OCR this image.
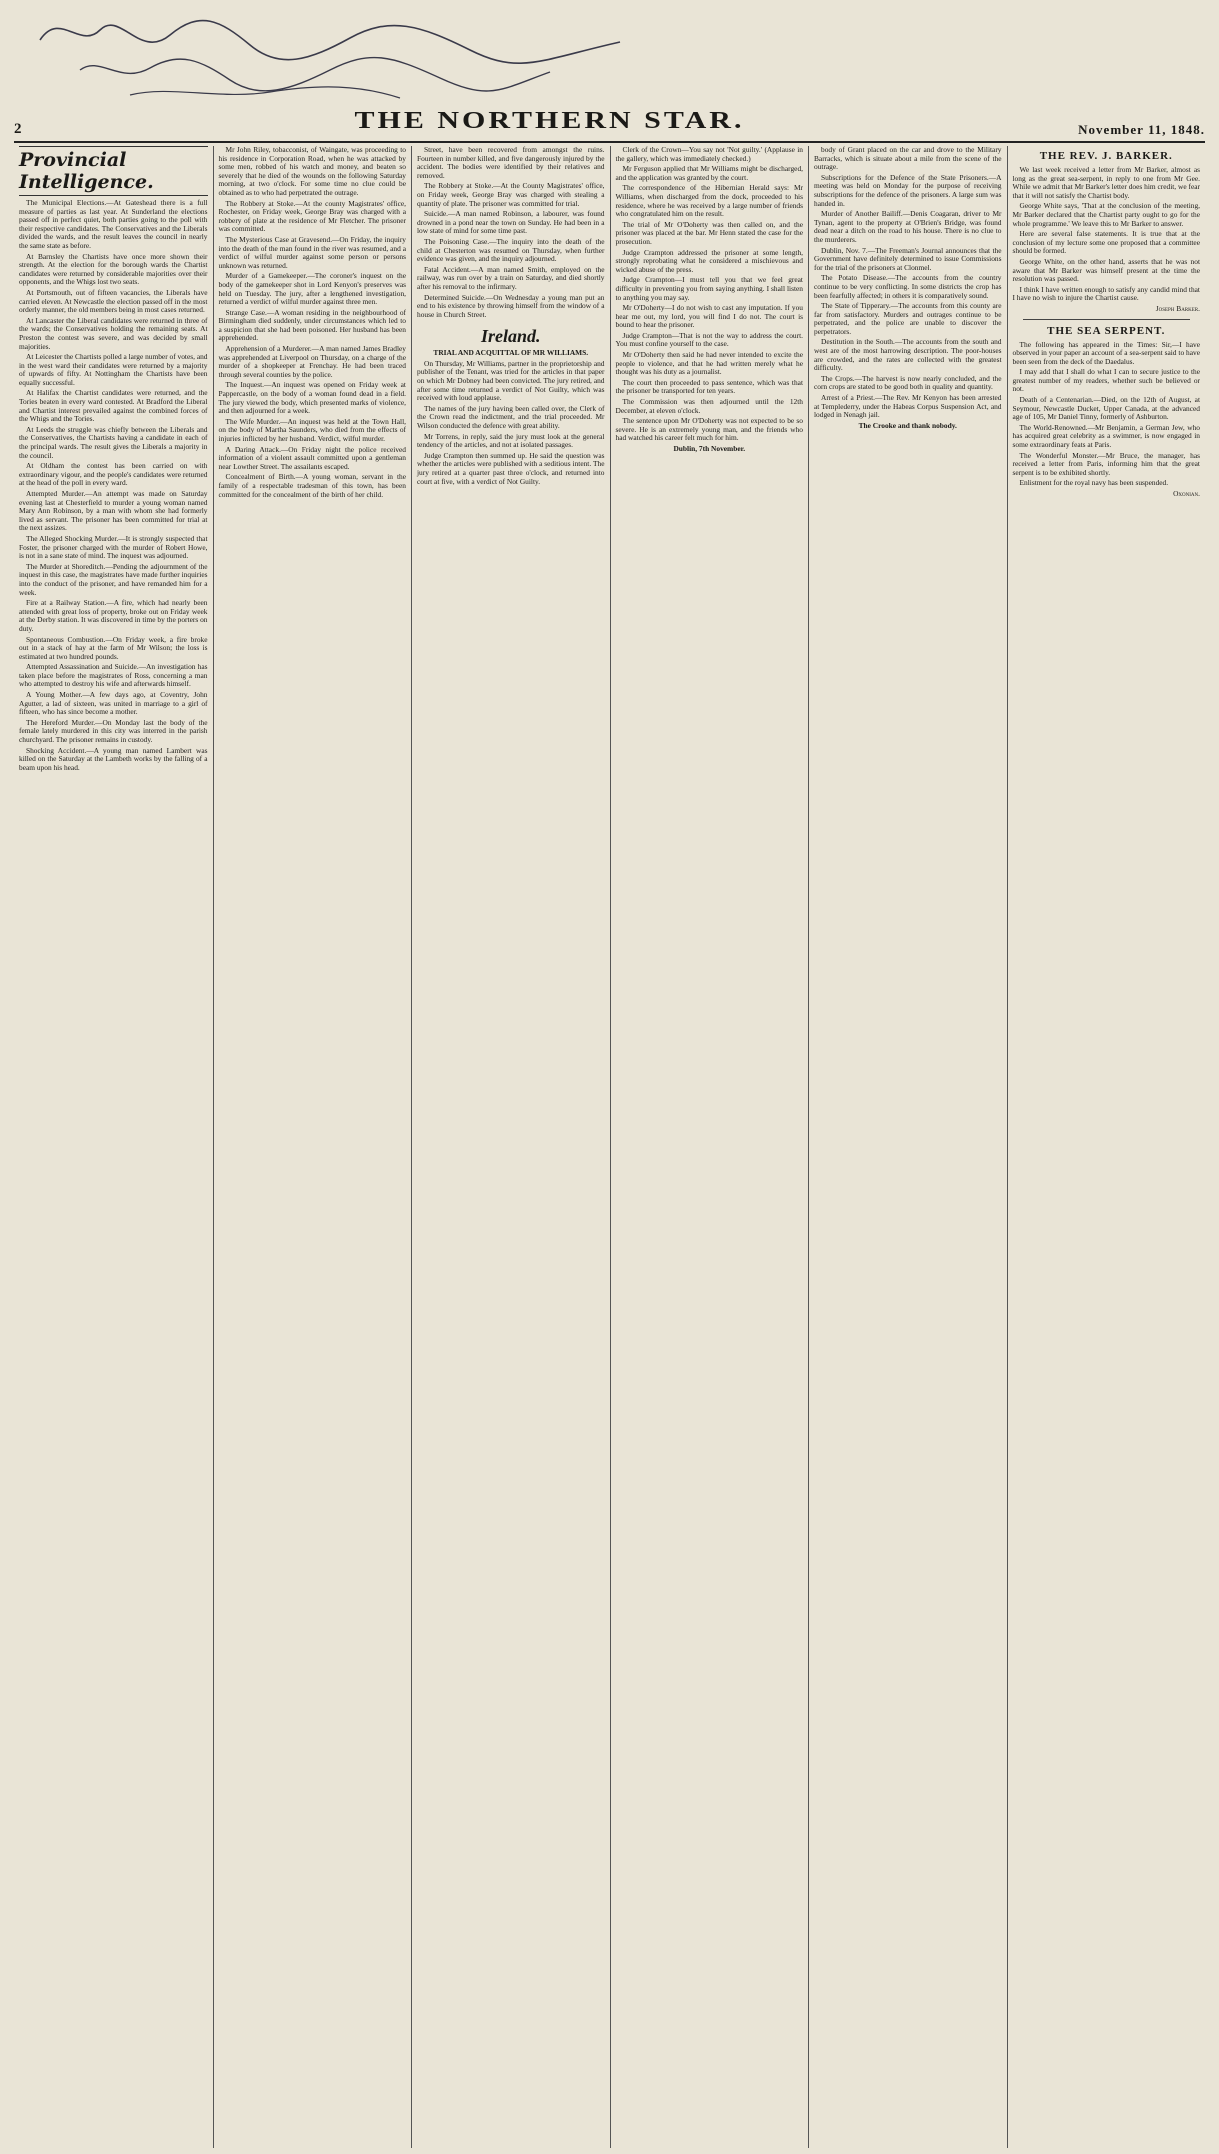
2	THE NORTHERN STAR.	November 11, 1848.
Provincial Intelligence.

The Municipal Elections.—At Gateshead there is a full measure of parties as last year. At Sunderland the elections passed off in perfect quiet, both parties going to the poll with their respective candidates. The Conservatives and the Liberals divided the wards, and the result leaves the council in nearly the same state as before.

At Barnsley the Chartists have once more shown their strength. At the election for the borough wards the Chartist candidates were returned by considerable majorities over their opponents, and the Whigs lost two seats.

At Portsmouth, out of fifteen vacancies, the Liberals have carried eleven. At Newcastle the election passed off in the most orderly manner, the old members being in most cases returned.

At Lancaster the Liberal candidates were returned in three of the wards; the Conservatives holding the remaining seats. At Preston the contest was severe, and was decided by small majorities.

At Leicester the Chartists polled a large number of votes, and in the west ward their candidates were returned by a majority of upwards of fifty. At Nottingham the Chartists have been equally successful.

At Halifax the Chartist candidates were returned, and the Tories beaten in every ward contested. At Bradford the Liberal and Chartist interest prevailed against the combined forces of the Whigs and the Tories.

At Leeds the struggle was chiefly between the Liberals and the Conservatives, the Chartists having a candidate in each of the principal wards. The result gives the Liberals a majority in the council.

At Oldham the contest has been carried on with extraordinary vigour, and the people's candidates were returned at the head of the poll in every ward.

Attempted Murder.—An attempt was made on Saturday evening last at Chesterfield to murder a young woman named Mary Ann Robinson, by a man with whom she had formerly lived as servant. The prisoner has been committed for trial at the next assizes.

The Alleged Shocking Murder.—It is strongly suspected that Foster, the prisoner charged with the murder of Robert Howe, is not in a sane state of mind. The inquest was adjourned.

The Murder at Shoreditch.—Pending the adjournment of the inquest in this case, the magistrates have made further inquiries into the conduct of the prisoner, and have remanded him for a week.

Fire at a Railway Station.—A fire, which had nearly been attended with great loss of property, broke out on Friday week at the Derby station. It was discovered in time by the porters on duty.

Spontaneous Combustion.—On Friday week, a fire broke out in a stack of hay at the farm of Mr Wilson; the loss is estimated at two hundred pounds.

Attempted Assassination and Suicide.—An investigation has taken place before the magistrates of Ross, concerning a man who attempted to destroy his wife and afterwards himself.

A Young Mother.—A few days ago, at Coventry, John Agutter, a lad of sixteen, was united in marriage to a girl of fifteen, who has since become a mother.

The Hereford Murder.—On Monday last the body of the female lately murdered in this city was interred in the parish churchyard. The prisoner remains in custody.

Shocking Accident.—A young man named Lambert was killed on the Saturday at the Lambeth works by the falling of a beam upon his head.

Mr John Riley, tobacconist, of Waingate, was proceeding to his residence in Corporation Road, when he was attacked by some men, robbed of his watch and money, and beaten so severely that he died of the wounds on the following Saturday morning, at two o'clock. For some time no clue could be obtained as to who had perpetrated the outrage.

The Robbery at Stoke.—At the county Magistrates' office, Rochester, on Friday week, George Bray was charged with a robbery of plate at the residence of Mr Fletcher. The prisoner was committed.

The Mysterious Case at Gravesend.—On Friday, the inquiry into the death of the man found in the river was resumed, and a verdict of wilful murder against some person or persons unknown was returned.

Murder of a Gamekeeper.—The coroner's inquest on the body of the gamekeeper shot in Lord Kenyon's preserves was held on Tuesday. The jury, after a lengthened investigation, returned a verdict of wilful murder against three men.

Strange Case.—A woman residing in the neighbourhood of Birmingham died suddenly, under circumstances which led to a suspicion that she had been poisoned. Her husband has been apprehended.

Apprehension of a Murderer.—A man named James Bradley was apprehended at Liverpool on Thursday, on a charge of the murder of a shopkeeper at Frenchay. He had been traced through several counties by the police.

The Inquest.—An inquest was opened on Friday week at Pappercastle, on the body of a woman found dead in a field. The jury viewed the body, which presented marks of violence, and then adjourned for a week.

The Wife Murder.—An inquest was held at the Town Hall, on the body of Martha Saunders, who died from the effects of injuries inflicted by her husband. Verdict, wilful murder.

A Daring Attack.—On Friday night the police received information of a violent assault committed upon a gentleman near Lowther Street. The assailants escaped.

Concealment of Birth.—A young woman, servant in the family of a respectable tradesman of this town, has been committed for the concealment of the birth of her child.

Street, have been recovered from amongst the ruins. Fourteen in number killed, and five dangerously injured by the accident. The bodies were identified by their relatives and removed.

The Robbery at Stoke.—At the County Magistrates' office, on Friday week, George Bray was charged with stealing a quantity of plate. The prisoner was committed for trial.

Suicide.—A man named Robinson, a labourer, was found drowned in a pond near the town on Sunday. He had been in a low state of mind for some time past.

The Poisoning Case.—The inquiry into the death of the child at Chesterton was resumed on Thursday, when further evidence was given, and the inquiry adjourned.

Fatal Accident.—A man named Smith, employed on the railway, was run over by a train on Saturday, and died shortly after his removal to the infirmary.

Determined Suicide.—On Wednesday a young man put an end to his existence by throwing himself from the window of a house in Church Street.

Ireland.
TRIAL AND ACQUITTAL OF MR WILLIAMS.

On Thursday, Mr Williams, partner in the proprietorship and publisher of the Tenant, was tried for the articles in that paper on which Mr Dobney had been convicted. The jury retired, and after some time returned a verdict of Not Guilty, which was received with loud applause.

The names of the jury having been called over, the Clerk of the Crown read the indictment, and the trial proceeded. Mr Wilson conducted the defence with great ability.

Mr Torrens, in reply, said the jury must look at the general tendency of the articles, and not at isolated passages.

Judge Crampton then summed up. He said the question was whether the articles were published with a seditious intent. The jury retired at a quarter past three o'clock, and returned into court at five, with a verdict of Not Guilty.

Clerk of the Crown—You say not 'Not guilty.' (Applause in the gallery, which was immediately checked.)

Mr Ferguson applied that Mr Williams might be discharged, and the application was granted by the court.

The correspondence of the Hibernian Herald says: Mr Williams, when discharged from the dock, proceeded to his residence, where he was received by a large number of friends who congratulated him on the result.

The trial of Mr O'Doherty was then called on, and the prisoner was placed at the bar. Mr Henn stated the case for the prosecution.

Judge Crampton addressed the prisoner at some length, strongly reprobating what he considered a mischievous and wicked abuse of the press.

Judge Crampton—I must tell you that we feel great difficulty in preventing you from saying anything. I shall listen to anything you may say.

Mr O'Doherty—I do not wish to cast any imputation. If you hear me out, my lord, you will find I do not. The court is bound to hear the prisoner.

Judge Crampton—That is not the way to address the court. You must confine yourself to the case.

Mr O'Doherty then said he had never intended to excite the people to violence, and that he had written merely what he thought was his duty as a journalist.

The court then proceeded to pass sentence, which was that the prisoner be transported for ten years.

The Commission was then adjourned until the 12th December, at eleven o'clock.

The sentence upon Mr O'Doherty was not expected to be so severe. He is an extremely young man, and the friends who had watched his career felt much for him.

Dublin, 7th November.

body of Grant placed on the car and drove to the Military Barracks, which is situate about a mile from the scene of the outrage.

Subscriptions for the Defence of the State Prisoners.—A meeting was held on Monday for the purpose of receiving subscriptions for the defence of the prisoners. A large sum was handed in.

Murder of Another Bailiff.—Denis Coagaran, driver to Mr Tynan, agent to the property at O'Brien's Bridge, was found dead near a ditch on the road to his house. There is no clue to the murderers.

Dublin, Nov. 7.—The Freeman's Journal announces that the Government have definitely determined to issue Commissions for the trial of the prisoners at Clonmel.

The Potato Disease.—The accounts from the country continue to be very conflicting. In some districts the crop has been fearfully affected; in others it is comparatively sound.

The State of Tipperary.—The accounts from this county are far from satisfactory. Murders and outrages continue to be perpetrated, and the police are unable to discover the perpetrators.

Destitution in the South.—The accounts from the south and west are of the most harrowing description. The poor-houses are crowded, and the rates are collected with the greatest difficulty.

The Crops.—The harvest is now nearly concluded, and the corn crops are stated to be good both in quality and quantity.

Arrest of a Priest.—The Rev. Mr Kenyon has been arrested at Templederry, under the Habeas Corpus Suspension Act, and lodged in Nenagh jail.

The Crooke and thank nobody.
THE REV. J. BARKER.

We last week received a letter from Mr Barker, almost as long as the great sea-serpent, in reply to one from Mr Gee. While we admit that Mr Barker's letter does him credit, we fear that it will not satisfy the Chartist body.

George White says, 'That at the conclusion of the meeting, Mr Barker declared that the Chartist party ought to go for the whole programme.' We leave this to Mr Barker to answer.

Here are several false statements. It is true that at the conclusion of my lecture some one proposed that a committee should be formed.

George White, on the other hand, asserts that he was not aware that Mr Barker was himself present at the time the resolution was passed.

I think I have written enough to satisfy any candid mind that I have no wish to injure the Chartist cause.

Joseph Barker.
THE SEA SERPENT.

The following has appeared in the Times: Sir,—I have observed in your paper an account of a sea-serpent said to have been seen from the deck of the Daedalus.

I may add that I shall do what I can to secure justice to the greatest number of my readers, whether such be believed or not.

Death of a Centenarian.—Died, on the 12th of August, at Seymour, Newcastle Ducket, Upper Canada, at the advanced age of 105, Mr Daniel Tinny, formerly of Ashburton.

The World-Renowned.—Mr Benjamin, a German Jew, who has acquired great celebrity as a swimmer, is now engaged in some extraordinary feats at Paris.

The Wonderful Monster.—Mr Bruce, the manager, has received a letter from Paris, informing him that the great serpent is to be exhibited shortly.

Enlistment for the royal navy has been suspended.

Oxonian.
